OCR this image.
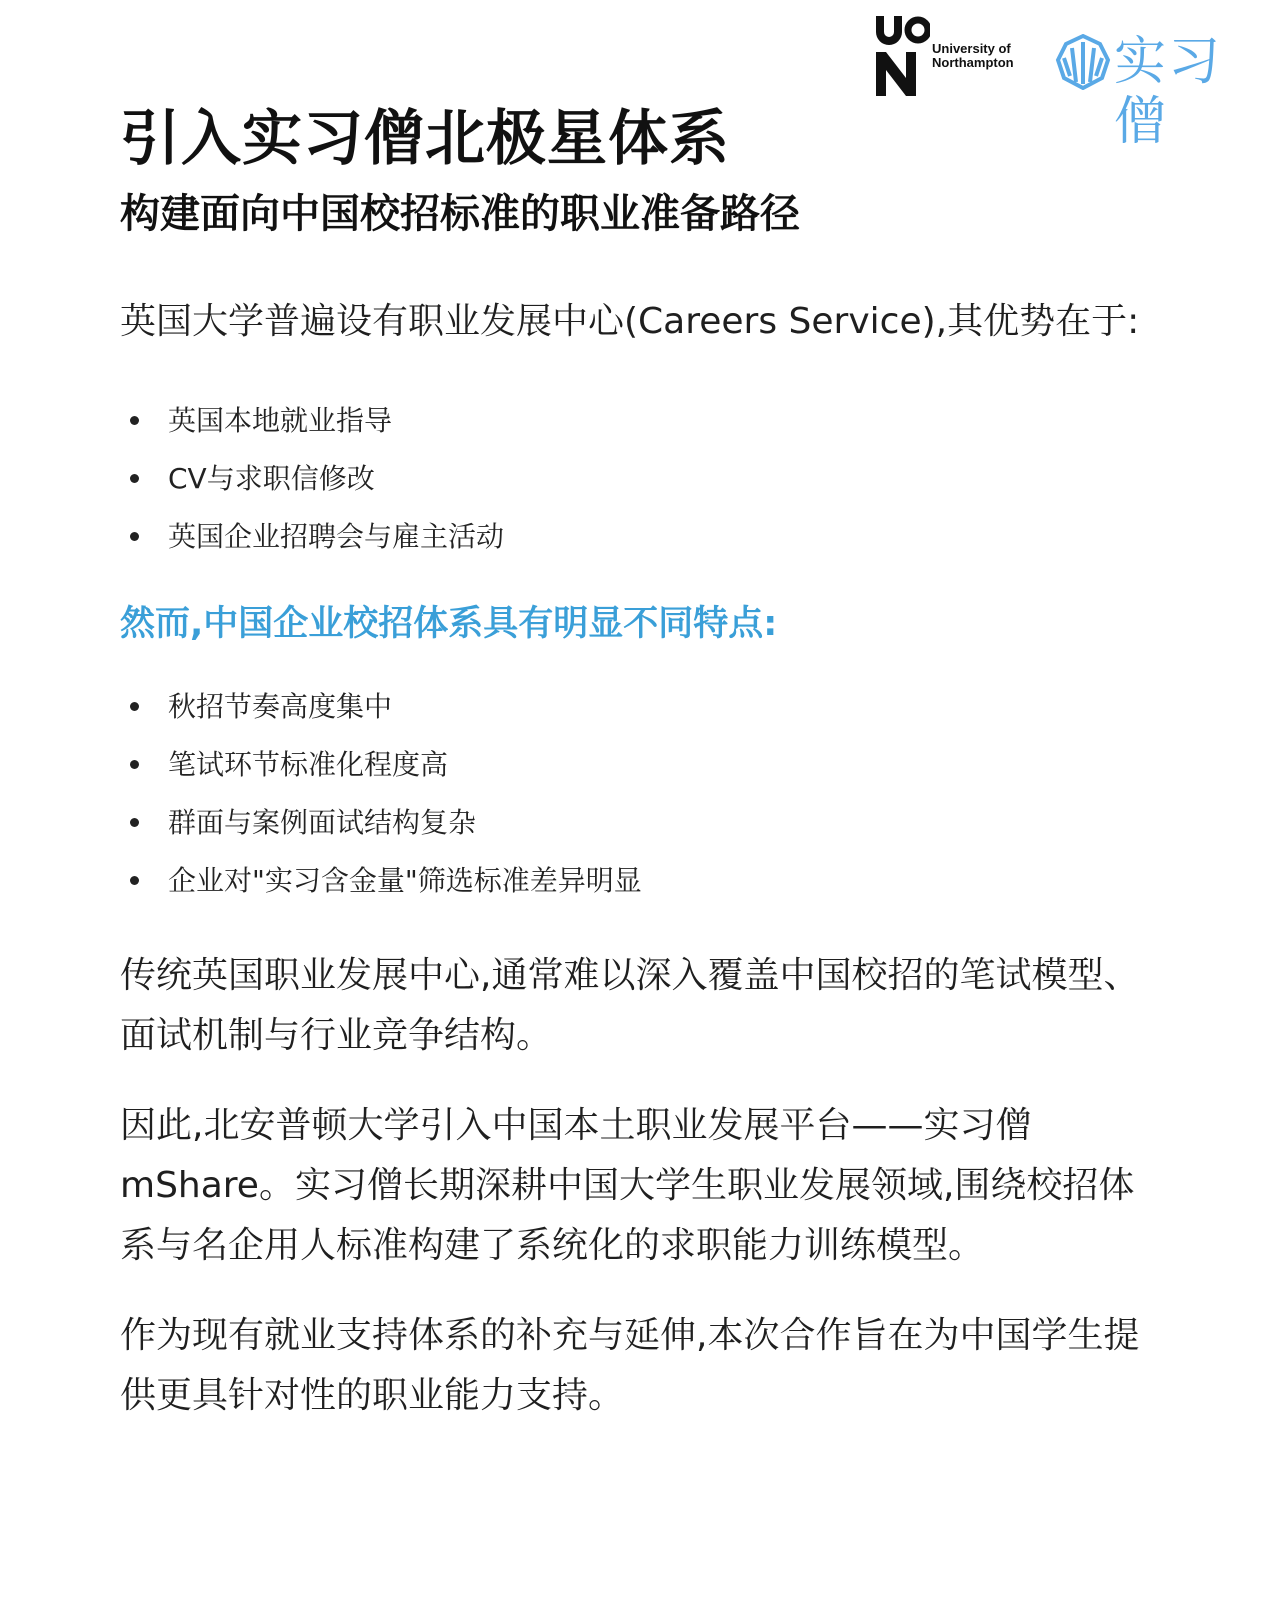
University of
Northampton 实习僧
引入实习僧北极星体系
构建面向中国校招标准的职业准备路径

英国大学普遍设有职业发展中心(Careers Service),其优势在于:

英国本地就业指导
CV与求职信修改
英国企业招聘会与雇主活动
然而,中国企业校招体系具有明显不同特点:
秋招节奏高度集中
笔试环节标准化程度高
群面与案例面试结构复杂
企业对"实习含金量"筛选标准差异明显

传统英国职业发展中心,通常难以深入覆盖中国校招的笔试模型、面试机制与行业竞争结构。

因此,北安普顿大学引入中国本土职业发展平台——实习僧mShare。实习僧长期深耕中国大学生职业发展领域,围绕校招体系与名企用人标准构建了系统化的求职能力训练模型。

作为现有就业支持体系的补充与延伸,本次合作旨在为中国学生提供更具针对性的职业能力支持。
